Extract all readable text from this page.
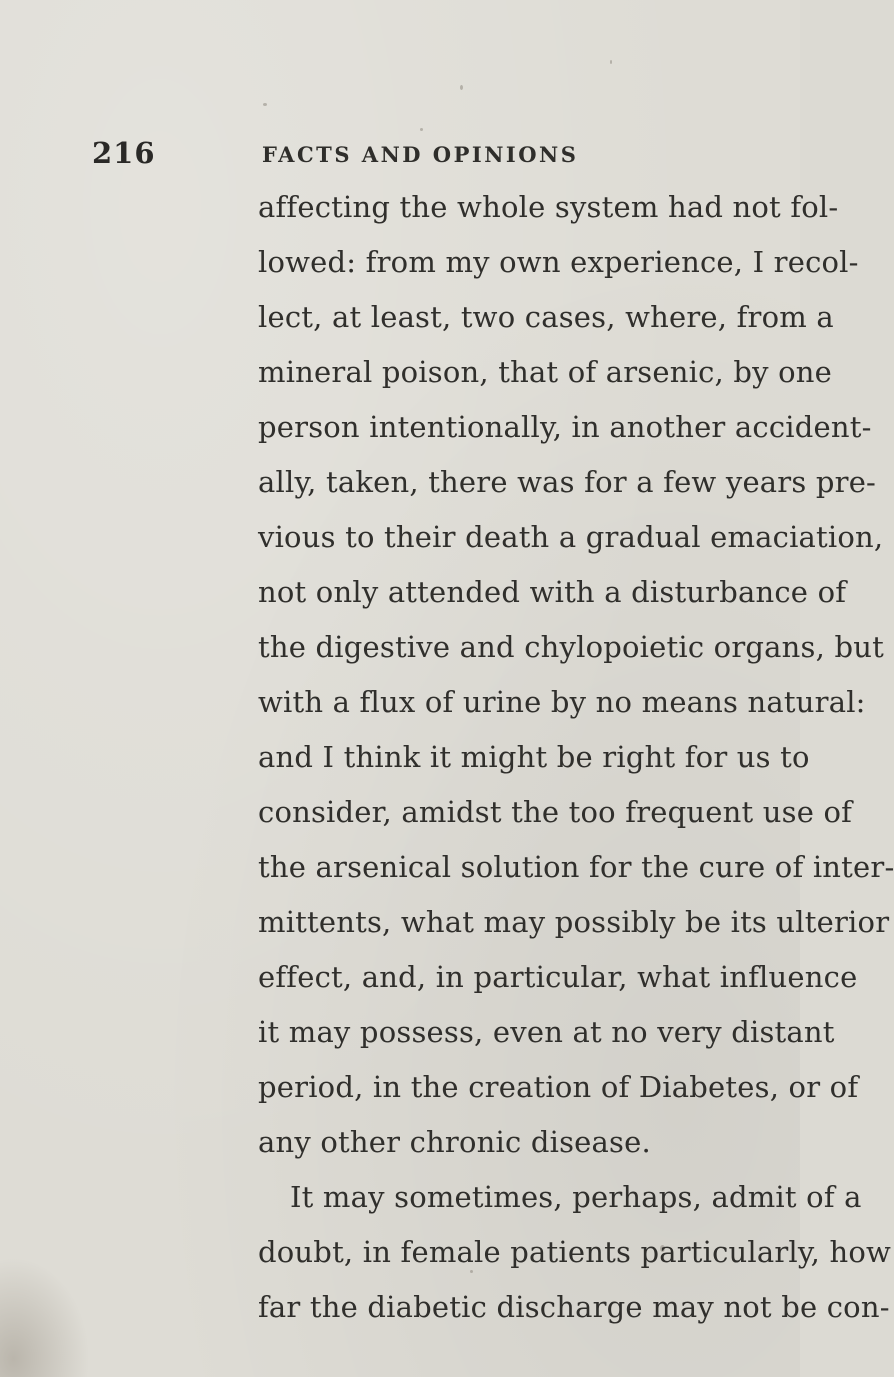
216	FACTS AND OPINIONS
affecting the whole system had not fol-
lowed: from my own experience, I recol-
lect, at least, two cases, where, from a
mineral poison, that of arsenic, by one
person intentionally, in another accident-
ally, taken, there was for a few years pre-
vious to their death a gradual emaciation,
not only attended with a disturbance of
the digestive and chylopoietic organs, but
with a flux of urine by no means natural:
and I think it might be right for us to
consider, amidst the too frequent use of
the arsenical solution for the cure of inter-
mittents, what may possibly be its ulterior
effect, and, in particular, what influence
it may possess, even at no very distant
period, in the creation of Diabetes, or of
any other chronic disease.
It may sometimes, perhaps, admit of a
doubt, in female patients particularly, how
far the diabetic discharge may not be con-
